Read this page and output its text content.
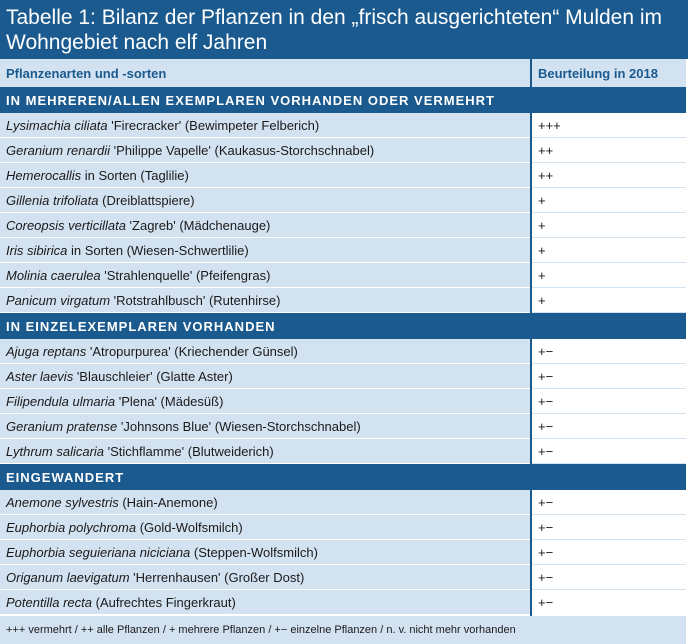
Tabelle 1: Bilanz der Pflanzen in den „frisch ausgerichteten“ Mulden im Wohngebiet nach elf Jahren
Pflanzenarten und -sorten	Beurteilung in 2018
IN MEHREREN/ALLEN EXEMPLAREN VORHANDEN ODER VERMEHRT	
Lysimachia ciliata 'Firecracker' (Bewimpeter Felberich)	+++
Geranium renardii 'Philippe Vapelle' (Kaukasus-Storchschnabel)	++
Hemerocallis in Sorten (Taglilie)	++
Gillenia trifoliata (Dreiblattspiere)	+
Coreopsis verticillata 'Zagreb' (Mädchenauge)	+
Iris sibirica in Sorten (Wiesen-Schwertlilie)	+
Molinia caerulea 'Strahlenquelle' (Pfeifengras)	+
Panicum virgatum 'Rotstrahlbusch' (Rutenhirse)	+
IN EINZELEXEMPLAREN VORHANDEN	
Ajuga reptans 'Atropurpurea' (Kriechender Günsel)	+−
Aster laevis 'Blauschleier' (Glatte Aster)	+−
Filipendula ulmaria 'Plena' (Mädesüß)	+−
Geranium pratense 'Johnsons Blue' (Wiesen-Storchschnabel)	+−
Lythrum salicaria 'Stichflamme' (Blutweiderich)	+−
EINGEWANDERT	
Anemone sylvestris (Hain-Anemone)	+−
Euphorbia polychroma (Gold-Wolfsmilch)	+−
Euphorbia seguieriana niciciana (Steppen-Wolfsmilch)	+−
Origanum laevigatum 'Herrenhausen' (Großer Dost)	+−
Potentilla recta (Aufrechtes Fingerkraut)	+−
+++ vermehrt / ++ alle Pflanzen / + mehrere Pflanzen / +− einzelne Pflanzen / n. v. nicht mehr vorhanden	
